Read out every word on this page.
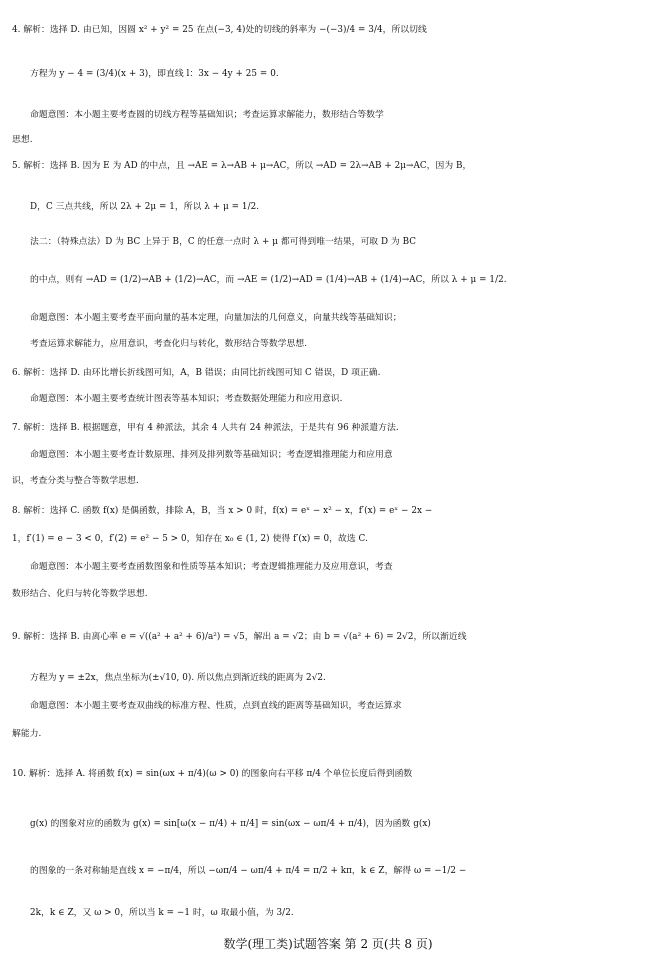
4. 解析：选择 D. 由已知，因圆 x² + y² = 25 在点(−3, 4)处的切线的斜率为 −(−3)/4 = 3/4，所以切线
方程为 y − 4 = (3/4)(x + 3)，即直线 l：3x − 4y + 25 = 0.
命题意图：本小题主要考查圆的切线方程等基础知识；考查运算求解能力，数形结合等数学
思想.
5. 解析：选择 B. 因为 E 为 AD 的中点，且 →AE = λ→AB + μ→AC，所以 →AD = 2λ→AB + 2μ→AC，因为 B，
D，C 三点共线，所以 2λ + 2μ = 1，所以 λ + μ = 1/2.
法二：（特殊点法）D 为 BC 上异于 B，C 的任意一点时 λ + μ 都可得到唯一结果，可取 D 为 BC
的中点，则有 →AD = (1/2)→AB + (1/2)→AC，而 →AE = (1/2)→AD = (1/4)→AB + (1/4)→AC，所以 λ + μ = 1/2.
命题意图：本小题主要考查平面向量的基本定理，向量加法的几何意义，向量共线等基础知识；
考查运算求解能力，应用意识，考查化归与转化，数形结合等数学思想.
6. 解析：选择 D. 由环比增长折线图可知，A，B 错误；由同比折线图可知 C 错误，D 项正确.
命题意图：本小题主要考查统计图表等基本知识；考查数据处理能力和应用意识.
7. 解析：选择 B. 根据题意，甲有 4 种派法，其余 4 人共有 24 种派法，于是共有 96 种派遣方法.
命题意图：本小题主要考查计数原理、排列及排列数等基础知识；考查逻辑推理能力和应用意
识，考查分类与整合等数学思想.
8. 解析：选择 C. 函数 f(x) 是偶函数，排除 A，B，当 x > 0 时，f(x) = eˣ − x² − x，f′(x) = eˣ − 2x −
1，f′(1) = e − 3 < 0，f′(2) = e² − 5 > 0，知存在 x₀ ∈ (1, 2) 使得 f′(x) = 0，故选 C.
命题意图：本小题主要考查函数图象和性质等基本知识；考查逻辑推理能力及应用意识，考查
数形结合、化归与转化等数学思想.
9. 解析：选择 B. 由离心率 e = √((a² + a² + 6)/a²) = √5，解出 a = √2；由 b = √(a² + 6) = 2√2，所以渐近线
方程为 y = ±2x，焦点坐标为(±√10, 0). 所以焦点到渐近线的距离为 2√2.
命题意图：本小题主要考查双曲线的标准方程、性质，点到直线的距离等基础知识，考查运算求
解能力.
10. 解析：选择 A. 将函数 f(x) = sin(ωx + π/4)(ω > 0) 的图象向右平移 π/4 个单位长度后得到函数
g(x) 的图象对应的函数为 g(x) = sin[ω(x − π/4) + π/4] = sin(ωx − ωπ/4 + π/4)，因为函数 g(x)
的图象的一条对称轴是直线 x = −π/4，所以 −ωπ/4 − ωπ/4 + π/4 = π/2 + kπ，k ∈ Z，解得 ω = −1/2 −
2k，k ∈ Z，又 ω > 0，所以当 k = −1 时，ω 取最小值，为 3/2.
数学(理工类)试题答案 第 2 页(共 8 页)
